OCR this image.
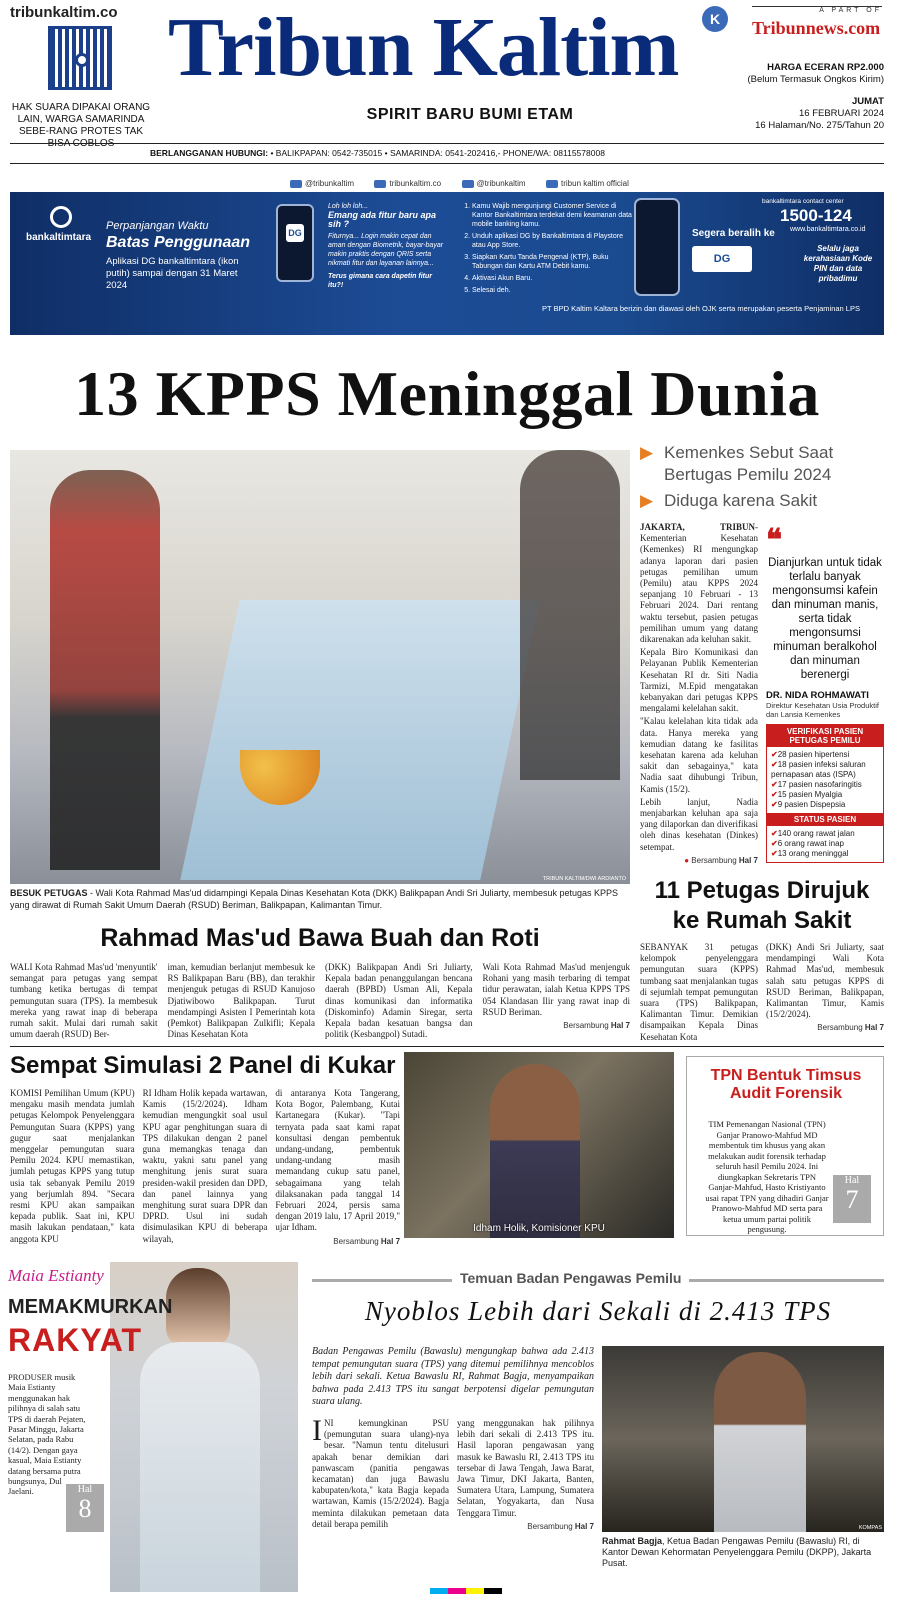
tribunkaltim.co
HAK SUARA DIPAKAI ORANG LAIN, WARGA SAMARINDA SEBE-RANG PROTES TAK
Tribun Kaltim	K
SPIRIT BARU BUMI ETAM
A PART OF
Tribunnews.com
HARGA ECERAN RP2.000
(Belum Termasuk Ongkos Kirim)
JUMAT
16 FEBRUARI 2024
16 Halaman/No. 275/Tahun 20
BERLANGGANAN HUBUNGI: • BALIKPAPAN: 0542-735015 • SAMARINDA: 0541-202416,- PHONE/WA: 08115578008
@tribunkaltim	tribunkaltim.co	@tribunkaltim	tribun kaltim official
bankaltimtara
Perpanjangan Waktu
Batas Penggunaan
Aplikasi DG bankaltimtara (ikon putih) sampai dengan 31 Maret 2024
DG
Loh loh loh...
Emang ada fitur baru apa sih ?
Fiturnya... Login makin cepat dan aman dengan Biometrik, bayar-bayar makin praktis dengan QRIS serta nikmati fitur dan layanan lainnya...
Terus gimana cara dapetin fitur itu?!
1. Kamu Wajib mengunjungi Customer Service di Kantor Bankaltimtara terdekat demi keamanan data mobile banking kamu.
2. Unduh aplikasi DG by Bankaltimtara di Playstore atau App Store.
3. Siapkan Kartu Tanda Pengenal (KTP), Buku Tabungan dan Kartu ATM Debit kamu.
4. Aktivasi Akun Baru.
5. Selesai deh.
Segera beralih ke
DG
bankaltimtara contact center
1500-124
www.bankaltimtara.co.id
Selalu jaga kerahasiaan Kode PIN dan data pribadimu
PT BPD Kaltim Kaltara berizin dan diawasi oleh OJK serta merupakan peserta Penjaminan LPS
13 KPPS Meninggal Dunia
TRIBUN KALTIM/DWI ARDIANTO
BESUK PETUGAS - Wali Kota Rahmad Mas'ud didampingi Kepala Dinas Kesehatan Kota (DKK) Balikpapan Andi Sri Juliarty, membesuk petugas KPPS yang dirawat di Rumah Sakit Umum Daerah (RSUD) Beriman, Balikpapan, Kalimantan Timur.
▶ Kemenkes Sebut Saat Bertugas Pemilu 2024
▶ Diduga karena Sakit

JAKARTA, TRIBUN- Kementerian Kesehatan (Kemenkes) RI mengungkap adanya laporan dari pasien petugas pemilihan umum (Pemilu) atau KPPS 2024 sepanjang 10 Februari - 13 Februari 2024. Dari rentang waktu tersebut, pasien petugas pemilihan umum yang datang dikarenakan ada keluhan sakit.

Kepala Biro Komunikasi dan Pelayanan Publik Kementerian Kesehatan RI dr. Siti Nadia Tarmizi, M.Epid mengatakan kebanyakan dari petugas KPPS mengalami kelelahan sakit.

"Kalau kelelahan kita tidak ada data. Hanya mereka yang kemudian datang ke fasilitas kesehatan karena ada keluhan sakit dan sebagainya," kata Nadia saat dihubungi Tribun, Kamis (15/2).

Lebih lanjut, Nadia menjabarkan keluhan apa saja yang dilaporkan dan diverifikasi oleh dinas kesehatan (Dinkes) setempat.

● Bersambung Hal 7
❝
Dianjurkan untuk tidak terlalu banyak mengonsumsi kafein dan minuman manis, serta tidak mengonsumsi minuman beralkohol dan minuman berenergi
DR. NIDA ROHMAWATI
Direktur Kesehatan Usia Produktif dan Lansia Kemenkes
VERIFIKASI PASIEN PETUGAS PEMILU
✔ 28 pasien hipertensi
✔ 18 pasien infeksi saluran pernapasan atas (ISPA)
✔ 17 pasien nasofaringitis
✔ 15 pasien Myalgia
✔ 9 pasien Dispepsia
STATUS PASIEN
✔ 140 orang rawat jalan
✔ 6 orang rawat inap
✔ 13 orang meninggal
Rahmad Mas'ud Bawa Buah dan Roti

WALI Kota Rahmad Mas'ud 'menyuntik' semangat para petugas yang sempat tumbang ketika bertugas di tempat pemungutan suara (TPS). Ia membesuk mereka yang rawat inap di beberapa rumah sakit. Mulai dari rumah sakit umum daerah (RSUD) Ber-

iman, kemudian berlanjut membesuk ke RS Balikpapan Baru (BB), dan terakhir menjenguk petugas di RSUD Kanujoso Djatiwibowo Balikpapan. Turut mendampingi Asisten I Pemerintah kota (Pemkot) Balikpapan Zulkifli; Kepala Dinas Kesehatan Kota

(DKK) Balikpapan Andi Sri Juliarty, Kepala badan penanggulangan bencana daerah (BPBD) Usman Ali, Kepala dinas komunikasi dan informatika (Diskominfo) Adamin Siregar, serta Kepala badan kesatuan bangsa dan politik (Kesbangpol) Sutadi.

Wali Kota Rahmad Mas'ud menjenguk Rohani yang masih terbaring di tempat tidur perawatan, ialah Ketua KPPS TPS 054 Klandasan Ilir yang rawat inap di RSUD Beriman.

Bersambung Hal 7
11 Petugas Dirujuk ke Rumah Sakit

SEBANYAK 31 petugas kelompok penyelenggara pemungutan suara (KPPS) tumbang saat menjalankan tugas di sejumlah tempat pemungutan suara (TPS) Balikpapan, Kalimantan Timur. Demikian disampaikan Kepala Dinas Kesehatan Kota

(DKK) Andi Sri Juliarty, saat mendampingi Wali Kota Rahmad Mas'ud, membesuk salah satu petugas KPPS di RSUD Beriman, Balikpapan, Kalimantan Timur, Kamis (15/2/2024).

Bersambung Hal 7
Sempat Simulasi 2 Panel di Kukar

KOMISI Pemilihan Umum (KPU) mengaku masih mendata jumlah petugas Kelompok Penyelenggara Pemungutan Suara (KPPS) yang gugur saat menjalankan menggelar pemungutan suara Pemilu 2024. KPU memastikan, jumlah petugas KPPS yang tutup usia tak sebanyak Pemilu 2019 yang berjumlah 894. "Secara resmi KPU akan sampaikan kepada publik. Saat ini, KPU masih lakukan pendataan," kata anggota KPU

RI Idham Holik kepada wartawan, Kamis (15/2/2024). Idham kemudian mengungkit soal usul KPU agar penghitungan suara di TPS dilakukan dengan 2 panel guna memangkas tenaga dan waktu, yakni satu panel yang menghitung jenis surat suara presiden-wakil presiden dan DPD, dan panel lainnya yang menghitung surat suara DPR dan DPRD. Usul ini sudah disimulasikan KPU di beberapa wilayah,

di antaranya Kota Tangerang, Kota Bogor, Palembang, Kutai Kartanegara (Kukar). "Tapi ternyata pada saat kami rapat konsultasi dengan pembentuk undang-undang, pembentuk undang-undang masih memandang cukup satu panel, sebagaimana yang telah dilaksanakan pada tanggal 14 Februari 2024, persis sama dengan 2019 lalu, 17 April 2019," ujar Idham.

Bersambung Hal 7
Idham Holik, Komisioner KPU
TPN Bentuk Timsus Audit Forensik
TIM Pemenangan Nasional (TPN) Ganjar Pranowo-Mahfud MD membentuk tim khusus yang akan melakukan audit forensik terhadap seluruh hasil Pemilu 2024. Ini diungkapkan Sekretaris TPN Ganjar-Mahfud, Hasto Kristiyanto usai rapat TPN yang dihadiri Ganjar Pranowo-Mahfud MD serta para ketua umum partai politik pengusung.
Hal
7
Maia Estianty
MEMAKMURKAN
RAKYAT
PRODUSER musik Maia Estianty menggunakan hak pilihnya di salah satu TPS di daerah Pejaten, Pasar Minggu, Jakarta Selatan, pada Rabu (14/2). Dengan gaya kasual, Maia Estianty datang bersama putra bungsunya, Dul Jaelani.	Hal
8
Temuan Badan Pengawas Pemilu
Nyoblos Lebih dari Sekali di 2.413 TPS
Badan Pengawas Pemilu (Bawaslu) mengungkap bahwa ada 2.413 tempat pemungutan suara (TPS) yang ditemui pemilihnya mencoblos lebih dari sekali. Ketua Bawaslu RI, Rahmat Bagja, menyampaikan bahwa pada 2.413 TPS itu sangat berpotensi digelar pemungutan suara ulang.
I NI kemungkinan PSU (pemungutan suara ulang)-nya besar. "Namun tentu ditelusuri apakah benar demikian dari panwascam (panitia pengawas kecamatan) dan juga Bawaslu kabupaten/kota," kata Bagja kepada wartawan, Kamis (15/2/2024). Bagja meminta dilakukan pemetaan data detail berapa pemilih

yang menggunakan hak pilihnya lebih dari sekali di 2.413 TPS itu. Hasil laporan pengawasan yang masuk ke Bawaslu RI, 2.413 TPS itu tersebar di Jawa Tengah, Jawa Barat, Jawa Timur, DKI Jakarta, Banten, Sumatera Utara, Lampung, Sumatera Selatan, Yogyakarta, dan Nusa Tenggara Timur.

Bersambung Hal 7	KOMPAS
Rahmat Bagja, Ketua Badan Pengawas Pemilu (Bawaslu) RI, di Kantor Dewan Kehormatan Penyelenggara Pemilu (DKPP), Jakarta Pusat.
